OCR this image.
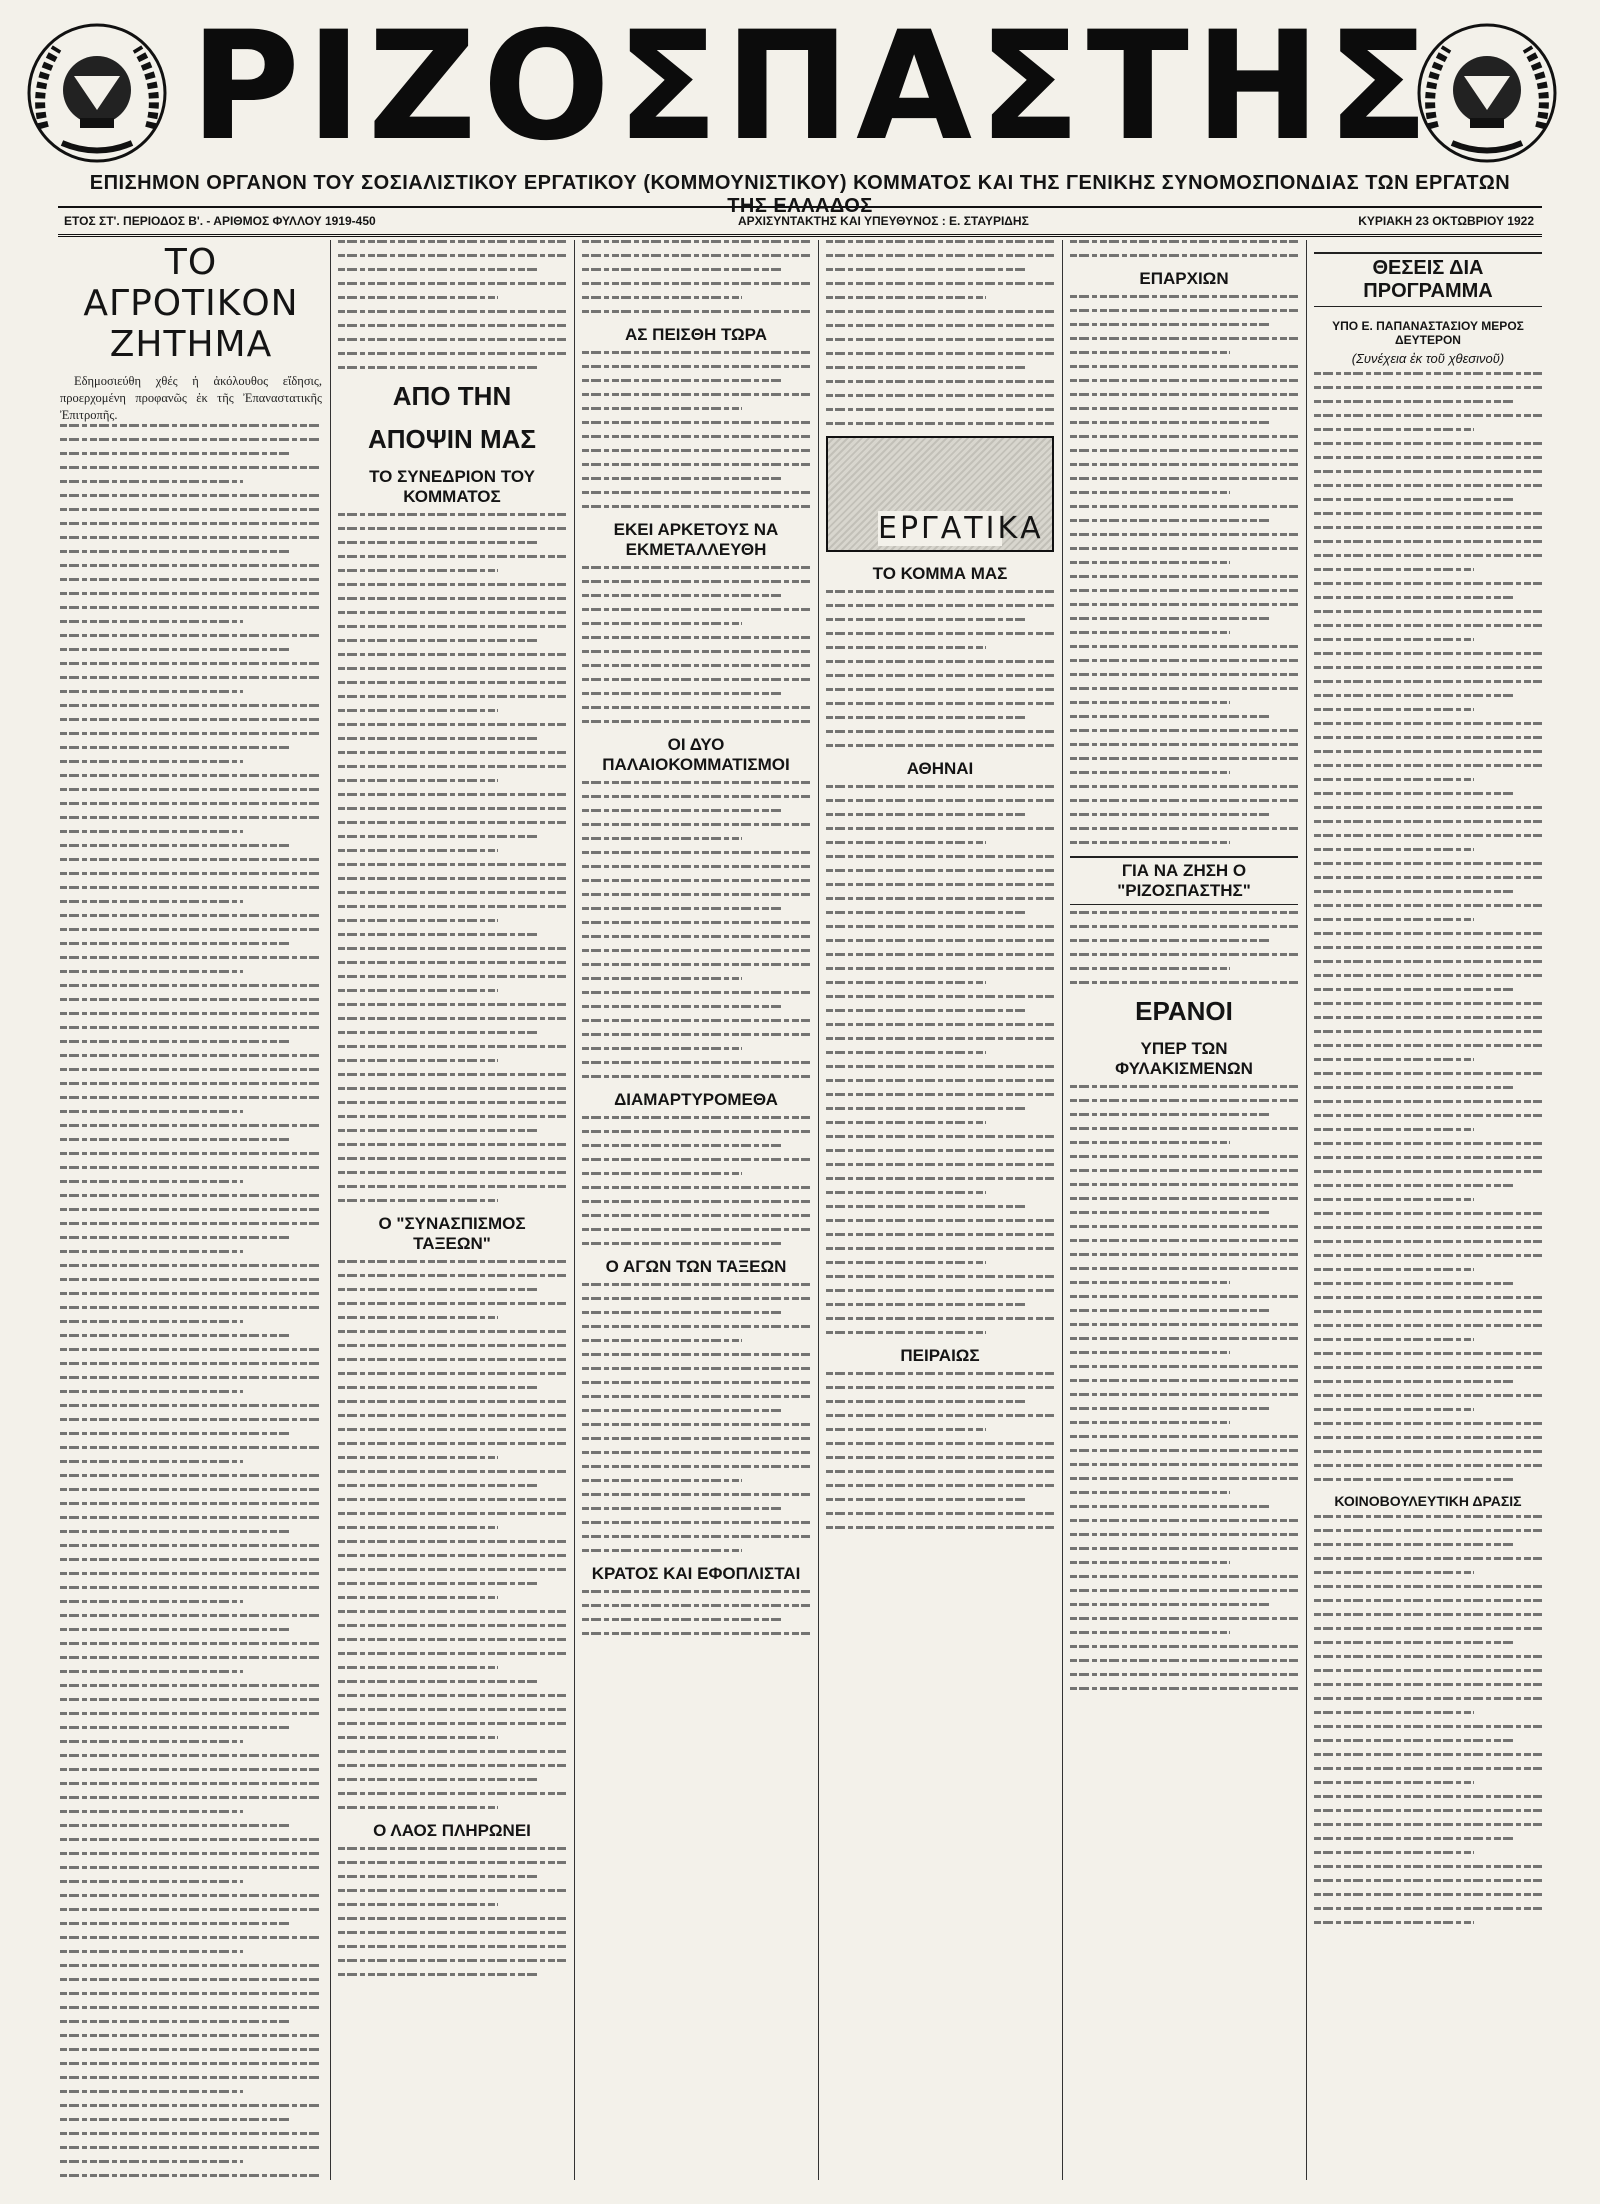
ΡΙΖΟΣΠΑΣΤΗΣ
ΕΠΙΣΗΜΟΝ ΟΡΓΑΝΟΝ ΤΟΥ ΣΟΣΙΑΛΙΣΤΙΚΟΥ ΕΡΓΑΤΙΚΟΥ (ΚΟΜΜΟΥΝΙΣΤΙΚΟΥ) ΚΟΜΜΑΤΟΣ ΚΑΙ ΤΗΣ ΓΕΝΙΚΗΣ ΣΥΝΟΜΟΣΠΟΝΔΙΑΣ ΤΩΝ ΕΡΓΑΤΩΝ ΤΗΣ ΕΛΛΑΔΟΣ
ΕΤΟΣ ΣΤ'. ΠΕΡΙΟΔΟΣ Β'. - ΑΡΙΘΜΟΣ ΦΥΛΛΟΥ 1919-450	ΑΡΧΙΣΥΝΤΑΚΤΗΣ ΚΑΙ ΥΠΕΥΘΥΝΟΣ : Ε. ΣΤΑΥΡΙΔΗΣ	ΚΥΡΙΑΚΗ 23 ΟΚΤΩΒΡΙΟΥ 1922
ΤΟ ΑΓΡΟΤΙΚΟΝ ΖΗΤΗΜΑ

Εδημοσιεύθη χθές ἡ ἀκόλουθος εἴδησις, προερχομένη προφανῶς ἐκ τῆς Ἐπαναστατικῆς Ἐπιτροπῆς.

ΑΠΟ ΤΗΝ
ΑΠΟΨΙΝ ΜΑΣ
ΤΟ ΣΥΝΕΔΡΙΟΝ ΤΟΥ ΚΟΜΜΑΤΟΣ
Ο "ΣΥΝΑΣΠΙΣΜΟΣ ΤΑΞΕΩΝ"
Ο ΛΑΟΣ ΠΛΗΡΩΝΕΙ
ΑΣ ΠΕΙΣΘΗ ΤΩΡΑ
ΕΚΕΙ ΑΡΚΕΤΟΥΣ ΝΑ ΕΚΜΕΤΑΛΛΕΥΘΗ
ΟΙ ΔΥΟ ΠΑΛΑΙΟΚΟΜΜΑΤΙΣΜΟΙ
ΔΙΑΜΑΡΤΥΡΟΜΕΘΑ
Ο ΑΓΩΝ ΤΩΝ ΤΑΞΕΩΝ
ΚΡΑΤΟΣ ΚΑΙ ΕΦΟΠΛΙΣΤΑΙ
ΕΡΓΑΤΙΚΑ
ΤΟ ΚΟΜΜΑ ΜΑΣ
ΑΘΗΝΑΙ
ΠΕΙΡΑΙΩΣ
ΕΠΑΡΧΙΩΝ
ΓΙΑ ΝΑ ΖΗΣΗ Ο "ΡΙΖΟΣΠΑΣΤΗΣ"
ΕΡΑΝΟΙ
ΥΠΕΡ ΤΩΝ ΦΥΛΑΚΙΣΜΕΝΩΝ
ΘΕΣΕΙΣ ΔΙΑ ΠΡΟΓΡΑΜΜΑ
ΥΠΟ Ε. ΠΑΠΑΝΑΣΤΑΣΙΟΥ ΜΕΡΟΣ ΔΕΥΤΕΡΟΝ
(Συνέχεια ἐκ τοῦ χθεσινοῦ)
ΚΟΙΝΟΒΟΥΛΕΥΤΙΚΗ ΔΡΑΣΙΣ
